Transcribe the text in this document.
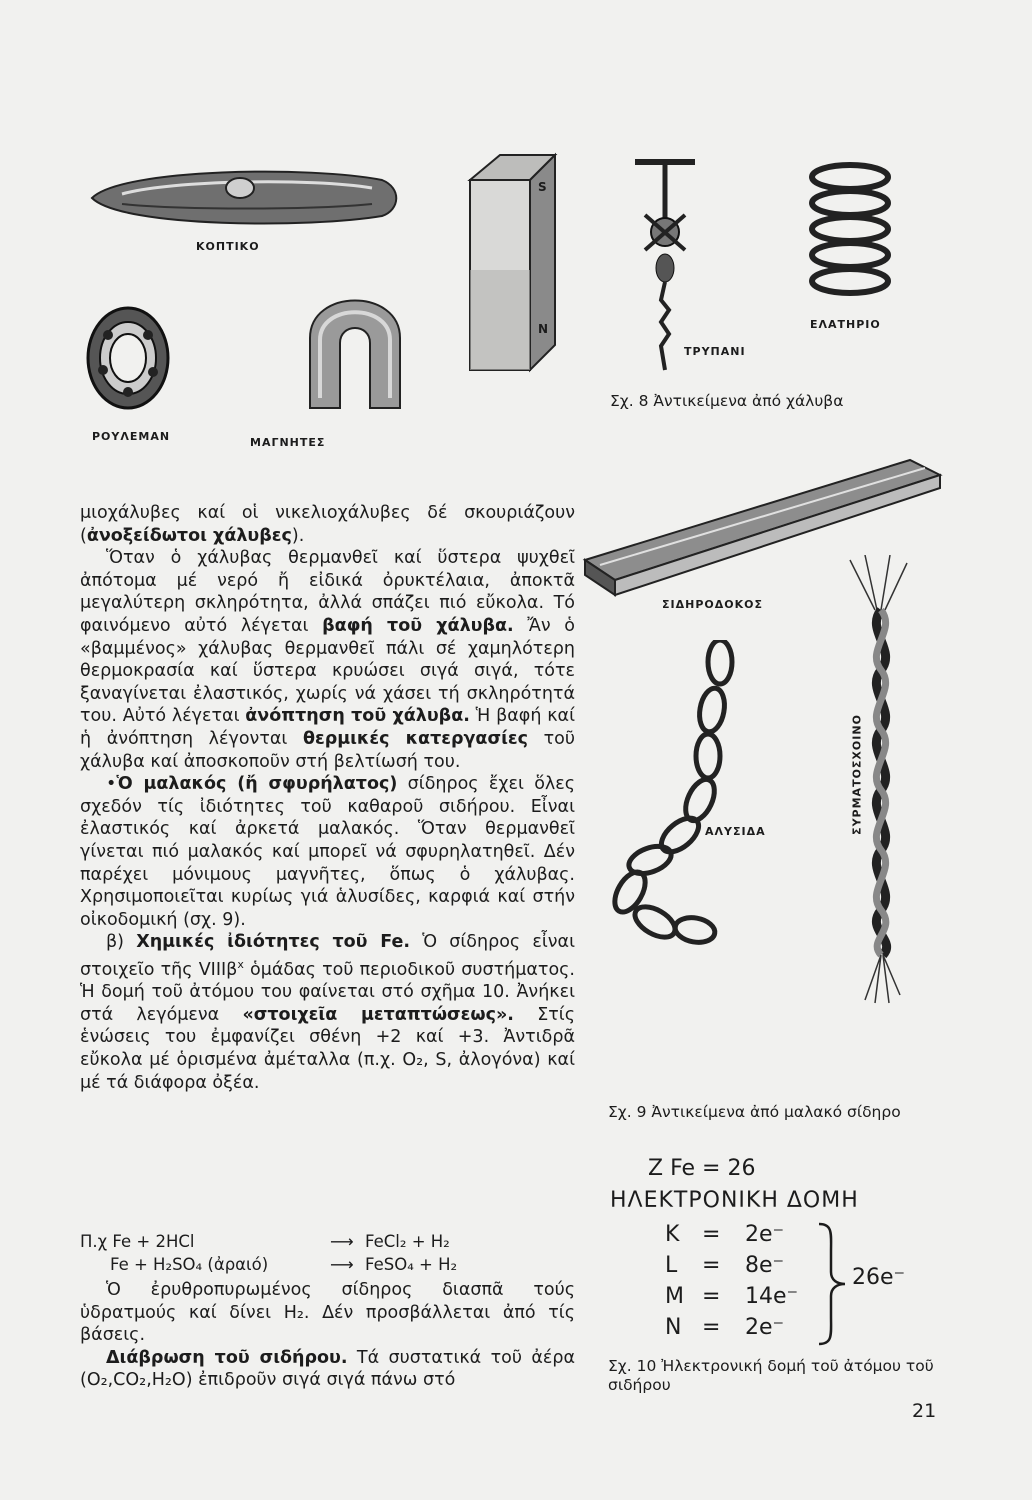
ΚΟΠΤΙΚΟ
ΡΟΥΛΕΜΑΝ
S
N
ΜΑΓΝΗΤΕΣ
ΤΡΥΠΑΝΙ
ΕΛΑΤΗΡΙΟ
Σχ. 8 Ἀντικείμενα ἀπό χάλυβα
ΣΙΔΗΡΟΔΟΚΟΣ
ΑΛΥΣΙΔΑ	ΣΥΡΜΑΤΟΣΧΟΙΝΟ
Σχ. 9 Ἀντικείμενα ἀπό μαλακό σίδηρο
Z Fe = 26
ΗΛΕΚΤΡΟΝΙΚΗ ΔΟΜΗ
K = 2e⁻
L = 8e⁻
M = 14e⁻
N = 2e⁻
26e⁻
Σχ. 10 Ἠλεκτρονική δομή τοῦ ἀτόμου τοῦ σιδήρου

μιοχάλυβες καί οἱ νικελιοχάλυβες δέ σκουριάζουν (ἀνοξείδωτοι χάλυβες).

Ὅταν ὁ χάλυβας θερμανθεῖ καί ὕστερα ψυχθεῖ ἀπότομα μέ νερό ἤ εἰδικά ὀρυκτέλαια, ἀποκτᾶ μεγαλύτερη σκληρότητα, ἀλλά σπάζει πιό εὔκολα. Τό φαινόμενο αὐτό λέγεται βαφή τοῦ χάλυβα. Ἄν ὁ «βαμμένος» χάλυβας θερμανθεῖ πάλι σέ χαμηλότερη θερμοκρασία καί ὕστερα κρυώσει σιγά σιγά, τότε ξαναγίνεται ἐλαστικός, χωρίς νά χάσει τή σκληρότητά του. Αὐτό λέγεται ἀνόπτηση τοῦ χάλυβα. Ἡ βαφή καί ἡ ἀνόπτηση λέγονται θερμικές κατεργασίες τοῦ χάλυβα καί ἀποσκοποῦν στή βελτίωσή του.

•Ὁ μαλακός (ἤ σφυρήλατος) σίδηρος ἔχει ὅλες σχεδόν τίς ἰδιότητες τοῦ καθαροῦ σιδήρου. Εἶναι ἐλαστικός καί ἀρκετά μαλακός. Ὅταν θερμανθεῖ γίνεται πιό μαλακός καί μπορεῖ νά σφυρηλατηθεῖ. Δέν παρέχει μόνιμους μαγνῆτες, ὅπως ὁ χάλυβας. Χρησιμοποιεῖται κυρίως γιά ἁλυσίδες, καρφιά καί στήν οἰκοδομική (σχ. 9).

β) Χημικές ἰδιότητες τοῦ Fe. Ὁ σίδηρος εἶναι στοιχεῖο τῆς VIIIβ$^x$ ὁμάδας τοῦ περιοδικοῦ συστήματος. Ἡ δομή τοῦ ἀτόμου του φαίνεται στό σχῆμα 10. Ἀνήκει στά λεγόμενα «στοιχεῖα μεταπτώσεως». Στίς ἑνώσεις του ἐμφανίζει σθένη +2 καί +3. Ἀντιδρᾶ εὔκολα μέ ὁρισμένα ἀμέταλλα (π.χ. O₂, S, ἀλογόνα) καί μέ τά διάφορα ὀξέα.

Π.χ Fe + 2HCl	⟶ FeCl₂ + H₂
Fe + H₂SO₄ (ἀραιό)	⟶ FeSO₄ + H₂

Ὁ ἐρυθροπυρωμένος σίδηρος διασπᾶ τούς ὑδρατμούς καί δίνει H₂. Δέν προσβάλλεται ἀπό τίς βάσεις.

Διάβρωση τοῦ σιδήρου. Τά συστατικά τοῦ ἀέρα (O₂,CO₂,H₂O) ἐπιδροῦν σιγά σιγά πάνω στό

21
